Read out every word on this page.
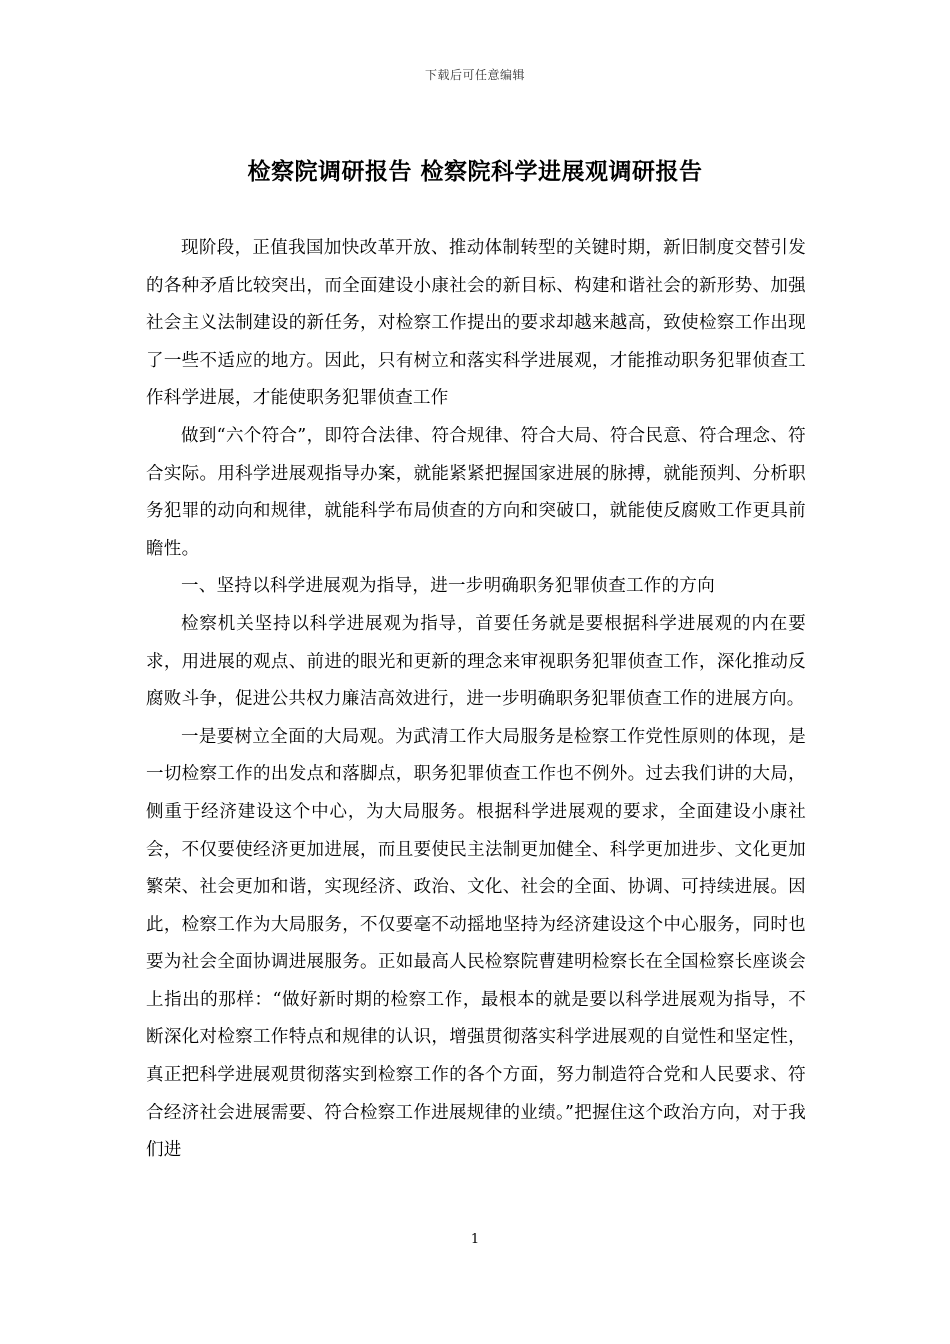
下载后可任意编辑
检察院调研报告 检察院科学进展观调研报告

现阶段，正值我国加快改革开放、推动体制转型的关键时期，新旧制度交替引发的各种矛盾比较突出，而全面建设小康社会的新目标、构建和谐社会的新形势、加强社会主义法制建设的新任务，对检察工作提出的要求却越来越高，致使检察工作出现了一些不适应的地方。因此，只有树立和落实科学进展观，才能推动职务犯罪侦查工作科学进展，才能使职务犯罪侦查工作

做到“六个符合”，即符合法律、符合规律、符合大局、符合民意、符合理念、符合实际。用科学进展观指导办案，就能紧紧把握国家进展的脉搏，就能预判、分析职务犯罪的动向和规律，就能科学布局侦查的方向和突破口，就能使反腐败工作更具前瞻性。

一、坚持以科学进展观为指导，进一步明确职务犯罪侦查工作的方向

检察机关坚持以科学进展观为指导，首要任务就是要根据科学进展观的内在要求，用进展的观点、前进的眼光和更新的理念来审视职务犯罪侦查工作，深化推动反腐败斗争，促进公共权力廉洁高效进行，进一步明确职务犯罪侦查工作的进展方向。

一是要树立全面的大局观。为武清工作大局服务是检察工作党性原则的体现，是一切检察工作的出发点和落脚点，职务犯罪侦查工作也不例外。过去我们讲的大局，侧重于经济建设这个中心，为大局服务。根据科学进展观的要求，全面建设小康社会，不仅要使经济更加进展，而且要使民主法制更加健全、科学更加进步、文化更加繁荣、社会更加和谐，实现经济、政治、文化、社会的全面、协调、可持续进展。因此，检察工作为大局服务，不仅要毫不动摇地坚持为经济建设这个中心服务，同时也要为社会全面协调进展服务。正如最高人民检察院曹建明检察长在全国检察长座谈会上指出的那样：“做好新时期的检察工作，最根本的就是要以科学进展观为指导，不断深化对检察工作特点和规律的认识，增强贯彻落实科学进展观的自觉性和坚定性，真正把科学进展观贯彻落实到检察工作的各个方面，努力制造符合党和人民要求、符合经济社会进展需要、符合检察工作进展规律的业绩。”把握住这个政治方向，对于我们进

1
